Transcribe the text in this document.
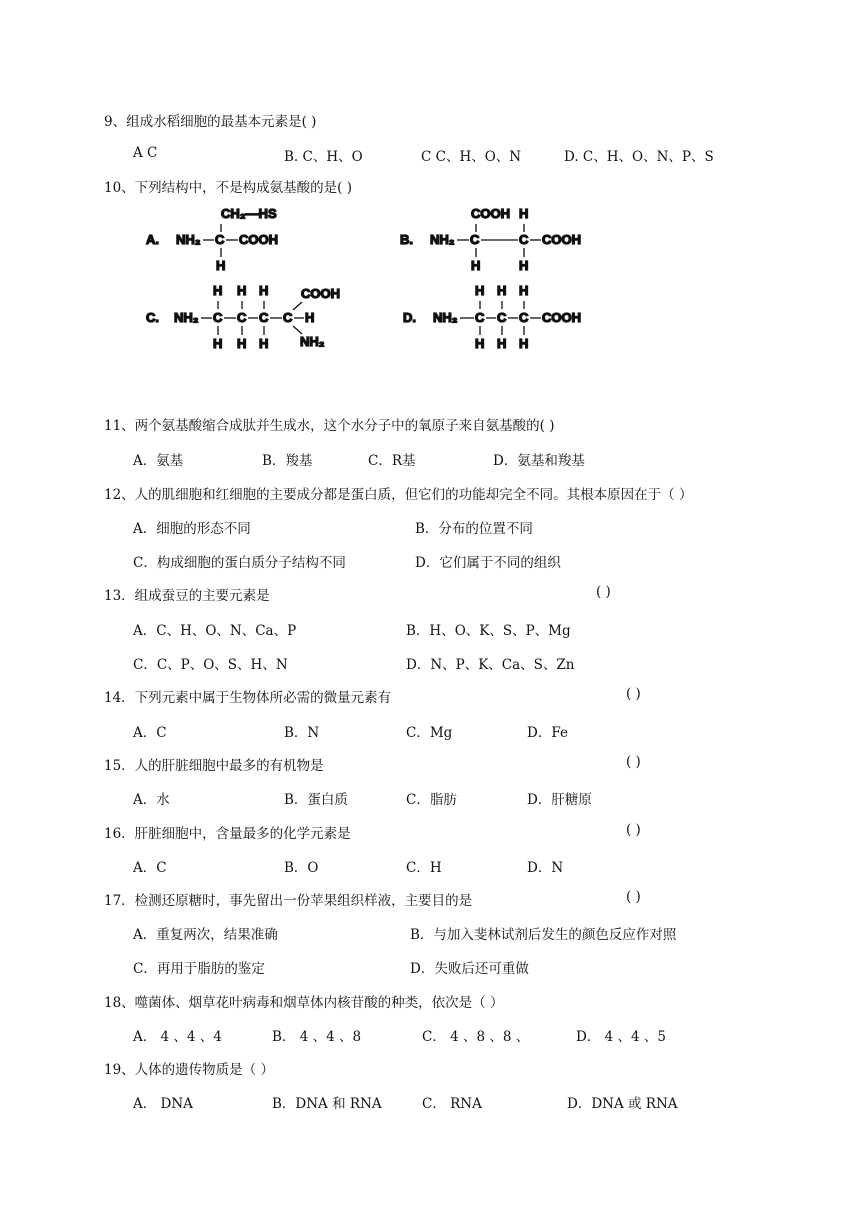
9、组成水稻细胞的最基本元素是( )
A C	B. C、H、O	C C、H、O、N	D. C、H、O、N、P、S
10、下列结构中，不是构成氨基酸的是( )
A.
CH₂—HS
NH₂ C COOH
H
B.
COOH H
NH₂ C	C COOH
H	H
C.
H H H	COOH
NH₂ C C C C H
H H H NH₂
D.
H H H
NH₂ C C C COOH
H H H
11、两个氨基酸缩合成肽并生成水，这个水分子中的氧原子来自氨基酸的( )
A．氨基	B．羧基	C．R基	D．氨基和羧基
12、人的肌细胞和红细胞的主要成分都是蛋白质，但它们的功能却完全不同。其根本原因在于（ ）
A．细胞的形态不同	B．分布的位置不同
C．构成细胞的蛋白质分子结构不同	D．它们属于不同的组织
13．组成蚕豆的主要元素是	( )
A．C、H、O、N、Ca、P	B．H、O、K、S、P、Mg
C．C、P、O、S、H、N	D．N、P、K、Ca、S、Zn
14．下列元素中属于生物体所必需的微量元素有	( )
A．C	B．N	C．Mg	D．Fe
15．人的肝脏细胞中最多的有机物是	( )
A．水	B．蛋白质	C．脂肪	D．肝糖原
16．肝脏细胞中，含量最多的化学元素是	( )
A．C	B．O	C．H	D．N
17．检测还原糖时，事先留出一份苹果组织样液，主要目的是	( )
A．重复两次，结果准确	B．与加入斐林试剂后发生的颜色反应作对照
C．再用于脂肪的鉴定	D．失败后还可重做
18、噬菌体、烟草花叶病毒和烟草体内核苷酸的种类，依次是（ ）
A． 4 、4 、4	B． 4 、4 、8	C． 4 、8 、8 、	D． 4 、4 、5
19、人体的遗传物质是（ ）
A． DNA	B．DNA 和 RNA	C． RNA	D．DNA 或 RNA
